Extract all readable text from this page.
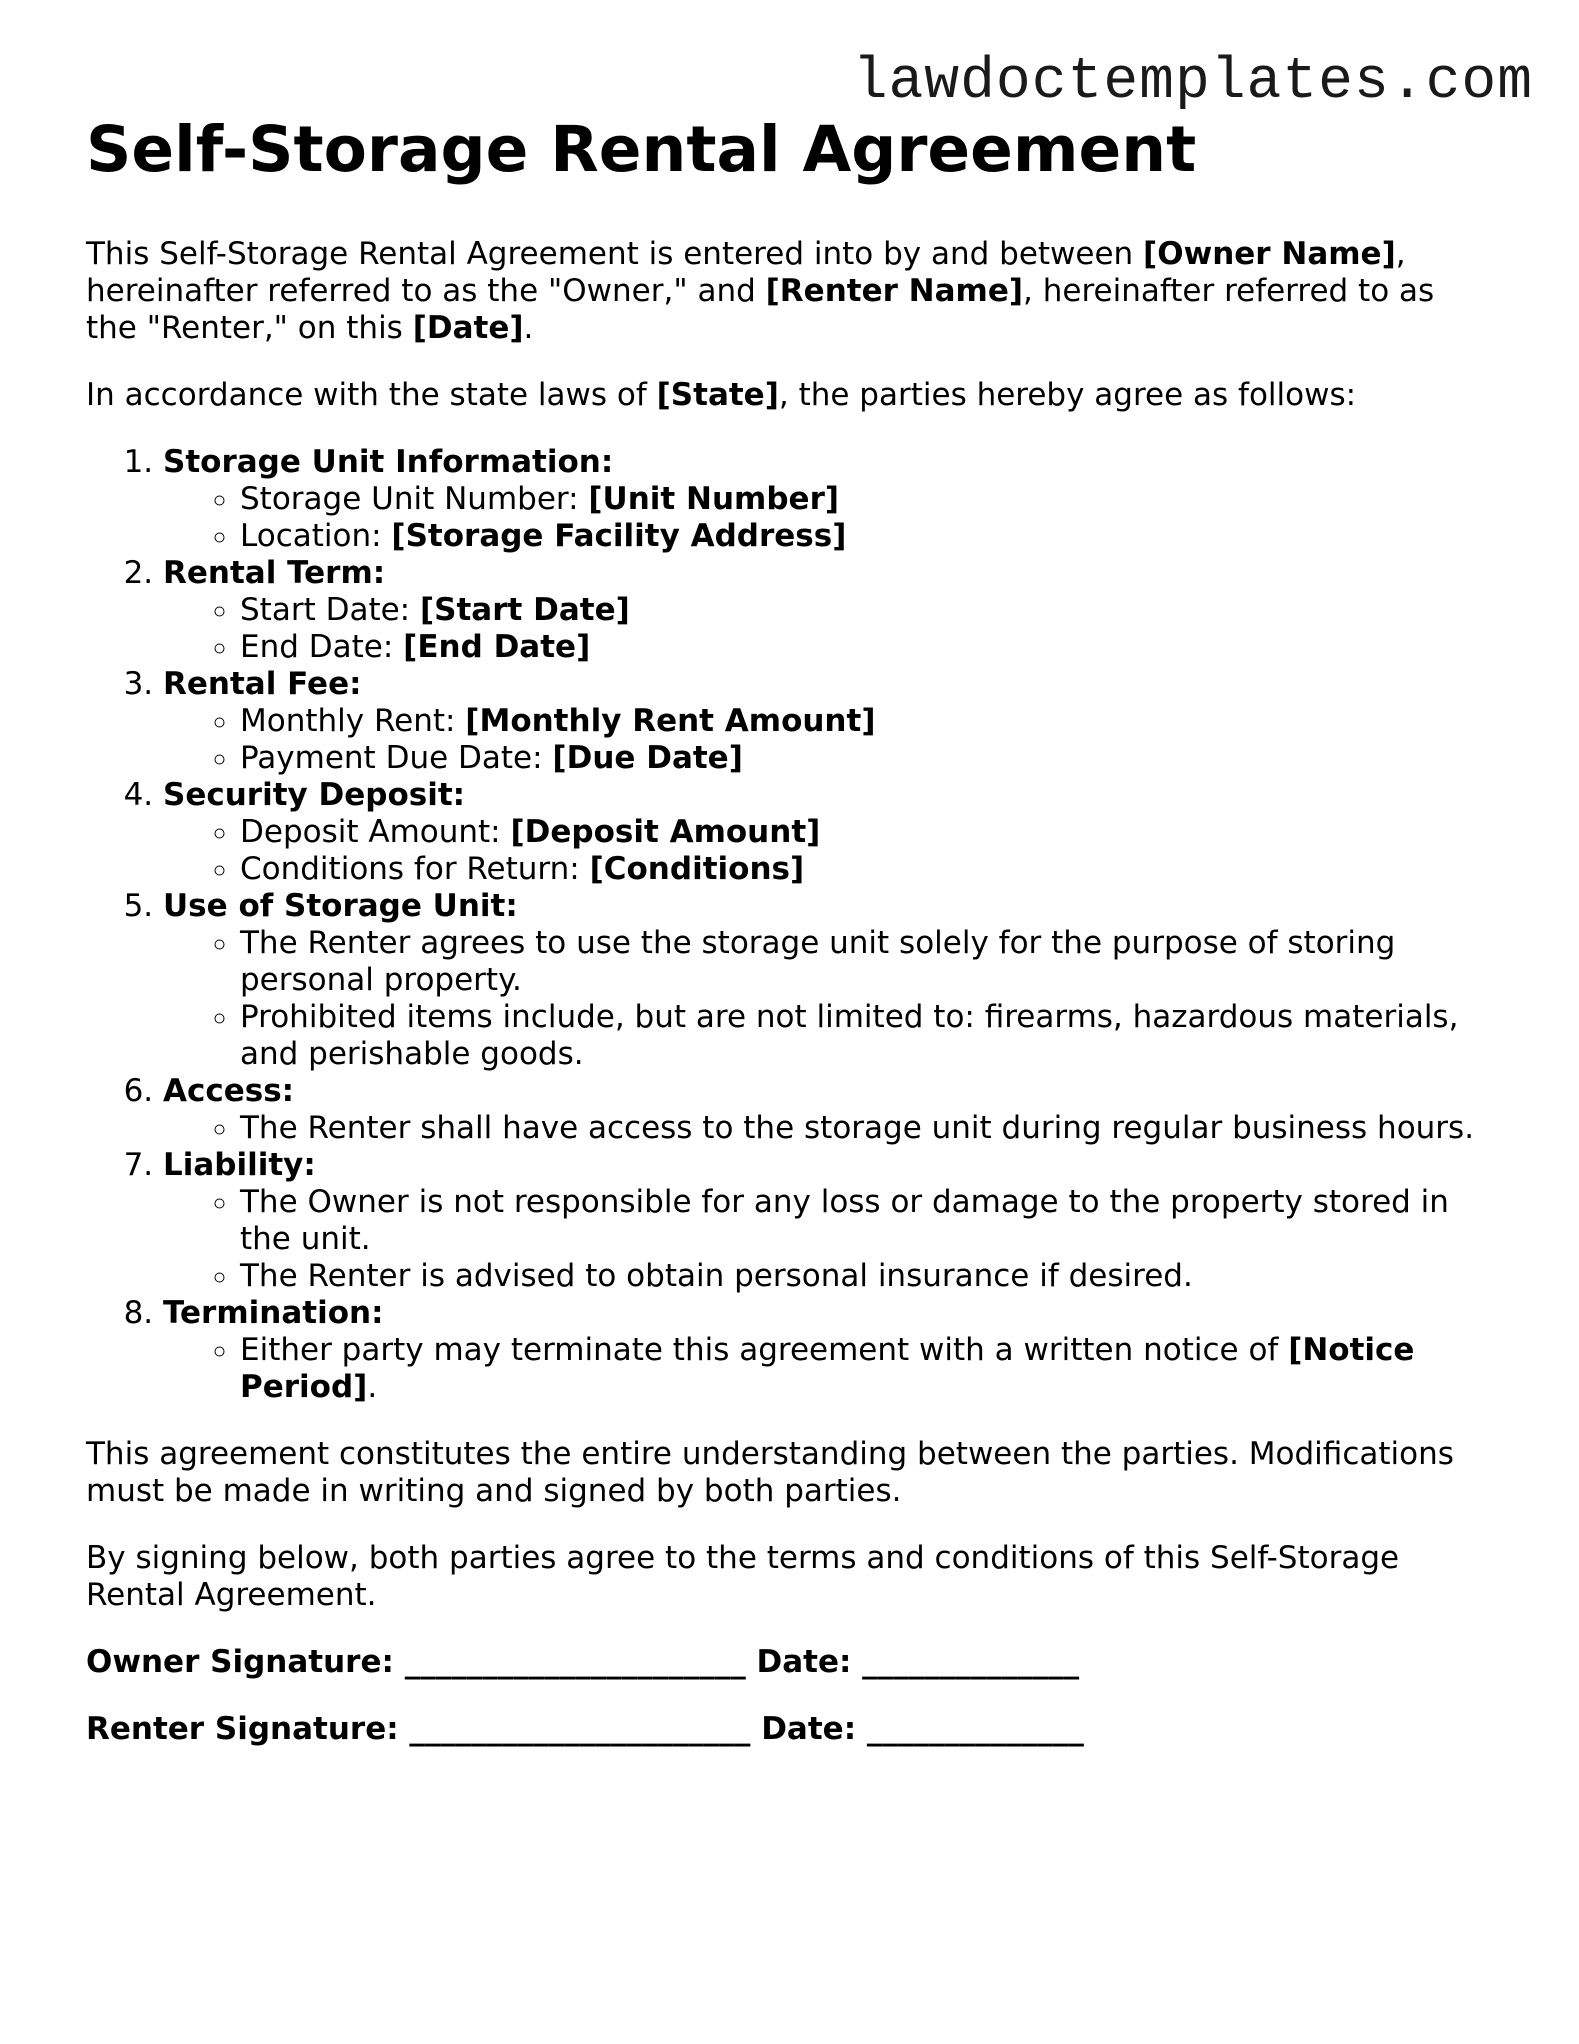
lawdoctemplates.com
Self-Storage Rental Agreement

This Self-Storage Rental Agreement is entered into by and between [Owner Name], hereinafter referred to as the "Owner," and [Renter Name], hereinafter referred to as the "Renter," on this [Date].

In accordance with the state laws of [State], the parties hereby agree as follows:

1. Storage Unit Information:
◦ Storage Unit Number: [Unit Number]
◦ Location: [Storage Facility Address]
2. Rental Term:
◦ Start Date: [Start Date]
◦ End Date: [End Date]
3. Rental Fee:
◦ Monthly Rent: [Monthly Rent Amount]
◦ Payment Due Date: [Due Date]
4. Security Deposit:
◦ Deposit Amount: [Deposit Amount]
◦ Conditions for Return: [Conditions]
5. Use of Storage Unit:
◦ The Renter agrees to use the storage unit solely for the purpose of storing personal property.
◦ Prohibited items include, but are not limited to: firearms, hazardous materials, and perishable goods.
6. Access:
◦ The Renter shall have access to the storage unit during regular business hours.
7. Liability:
◦ The Owner is not responsible for any loss or damage to the property stored in the unit.
◦ The Renter is advised to obtain personal insurance if desired.
8. Termination:
◦ Either party may terminate this agreement with a written notice of [Notice Period].

This agreement constitutes the entire understanding between the parties. Modifications must be made in writing and signed by both parties.

By signing below, both parties agree to the terms and conditions of this Self-Storage Rental Agreement.

Owner Signature: ______________________ Date: ______________

Renter Signature: ______________________ Date: ______________
